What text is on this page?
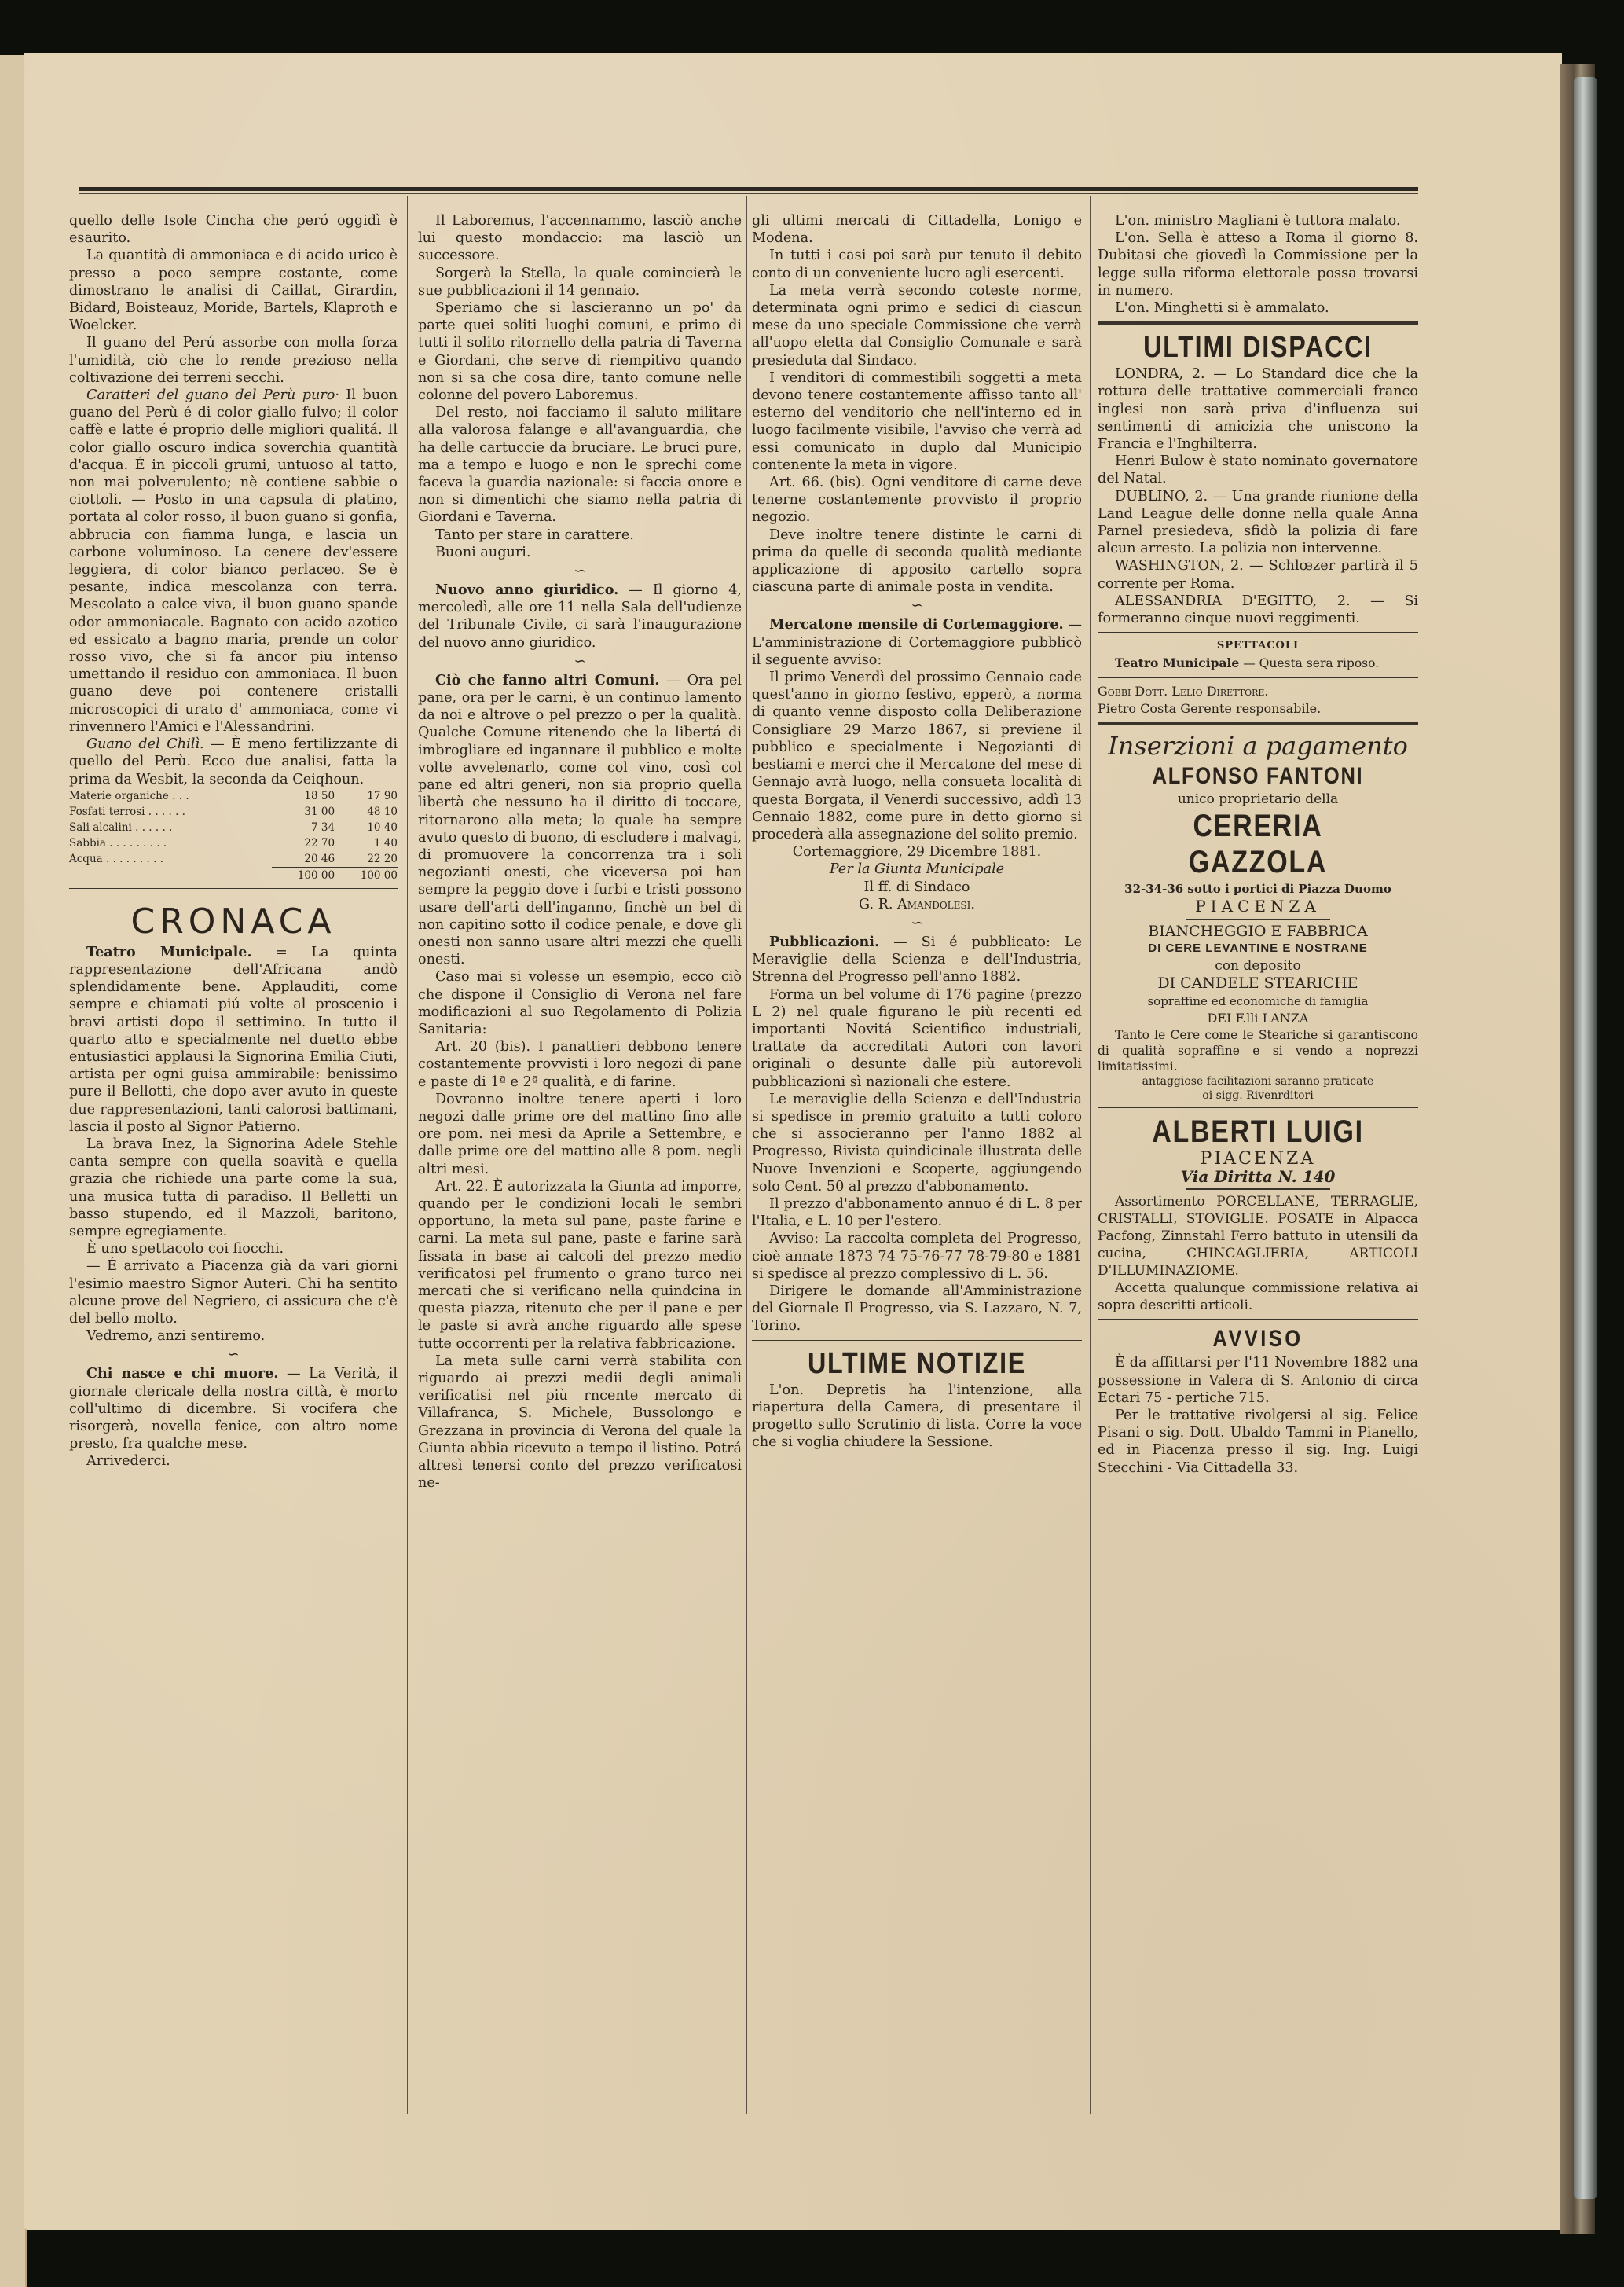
quello delle Isole Cincha che peró oggidì è esaurito.

La quantità di ammoniaca e di acido urico è presso a poco sempre costante, come dimostrano le analisi di Caillat, Girardin, Bidard, Boisteauz, Moride, Bartels, Klaproth e Woelcker.

Il guano del Perú assorbe con molla forza l'umidità, ciò che lo rende prezioso nella coltivazione dei terreni secchi.

Caratteri del guano del Perù puro· Il buon guano del Perù é di color giallo fulvo; il color caffè e latte é proprio delle migliori qualitá. Il color giallo oscuro indica soverchia quantità d'acqua. É in piccoli grumi, untuoso al tatto, non mai polverulento; nè contiene sabbie o ciottoli. — Posto in una capsula di platino, portata al color rosso, il buon guano si gonfia, abbrucia con fiamma lunga, e lascia un carbone voluminoso. La cenere dev'essere leggiera, di color bianco perlaceo. Se è pesante, indica mescolanza con terra. Mescolato a calce viva, il buon guano spande odor ammoniacale. Bagnato con acido azotico ed essicato a bagno maria, prende un color rosso vivo, che si fa ancor piu intenso umettando il residuo con ammoniaca. Il buon guano deve poi contenere cristalli microscopici di urato d' ammoniaca, come vi rinvennero l'Amici e l'Alessandrini.

Guano del Chilì. — È meno fertilizzante di quello del Perù. Ecco due analisi, fatta la prima da Wesbit, la seconda da Ceiqhoun.

Materie organiche . . .	18 50	17 90
Fosfati terrosi . . . . . .	31 00	48 10
Sali alcalini . . . . . .	7 34	10 40
Sabbia . . . . . . . . .	22 70	1 40
Acqua . . . . . . . . .	20 46	22 20
	100 00	100 00
CRONACA

Teatro Municipale. = La quinta rappresentazione dell'Africana andò splendidamente bene. Applauditi, come sempre e chiamati piú volte al proscenio i bravi artisti dopo il settimino. In tutto il quarto atto e specialmente nel duetto ebbe entusiastici applausi la Signorina Emilia Ciuti, artista per ogni guisa ammirabile: benissimo pure il Bellotti, che dopo aver avuto in queste due rappresentazioni, tanti calorosi battimani, lascia il posto al Signor Patierno.

La brava Inez, la Signorina Adele Stehle canta sempre con quella soavità e quella grazia che richiede una parte come la sua, una musica tutta di paradiso. Il Belletti un basso stupendo, ed il Mazzoli, baritono, sempre egregiamente.

È uno spettacolo coi fiocchi.

— É arrivato a Piacenza già da vari giorni l'esimio maestro Signor Auteri. Chi ha sentito alcune prove del Negriero, ci assicura che c'è del bello molto.

Vedremo, anzi sentiremo.

∽

Chi nasce e chi muore. — La Verità, il giornale clericale della nostra città, è morto coll'ultimo di dicembre. Si vocifera che risorgerà, novella fenice, con altro nome presto, fra qualche mese.

Arrivederci.

Il Laboremus, l'accennammo, lasciò anche lui questo mondaccio: ma lasciò un successore.

Sorgerà la Stella, la quale comincierà le sue pubblicazioni il 14 gennaio.

Speriamo che si lascieranno un po' da parte quei soliti luoghi comuni, e primo di tutti il solito ritornello della patria di Taverna e Giordani, che serve di riempitivo quando non si sa che cosa dire, tanto comune nelle colonne del povero Laboremus.

Del resto, noi facciamo il saluto militare alla valorosa falange e all'avanguardia, che ha delle cartuccie da bruciare. Le bruci pure, ma a tempo e luogo e non le sprechi come faceva la guardia nazionale: si faccia onore e non si dimentichi che siamo nella patria di Giordani e Taverna.

Tanto per stare in carattere.

Buoni auguri.

∽

Nuovo anno giuridico. — Il giorno 4, mercoledì, alle ore 11 nella Sala dell'udienze del Tribunale Civile, ci sarà l'inaugurazione del nuovo anno giuridico.

∽

Ciò che fanno altri Comuni. — Ora pel pane, ora per le carni, è un continuo lamento da noi e altrove o pel prezzo o per la qualità. Qualche Comune ritenendo che la libertá di imbrogliare ed ingannare il pubblico e molte volte avvelenarlo, come col vino, così col pane ed altri generi, non sia proprio quella libertà che nessuno ha il diritto di toccare, ritornarono alla meta; la quale ha sempre avuto questo di buono, di escludere i malvagi, di promuovere la concorrenza tra i soli negozianti onesti, che viceversa poi han sempre la peggio dove i furbi e tristi possono usare dell'arti dell'inganno, finchè un bel dì non capitino sotto il codice penale, e dove gli onesti non sanno usare altri mezzi che quelli onesti.

Caso mai si volesse un esempio, ecco ciò che dispone il Consiglio di Verona nel fare modificazioni al suo Regolamento di Polizia Sanitaria:

Art. 20 (bis). I panattieri debbono tenere costantemente provvisti i loro negozi di pane e paste di 1ª e 2ª qualità, e di farine.

Dovranno inoltre tenere aperti i loro negozi dalle prime ore del mattino fino alle ore pom. nei mesi da Aprile a Settembre, e dalle prime ore del mattino alle 8 pom. negli altri mesi.

Art. 22. È autorizzata la Giunta ad imporre, quando per le condizioni locali le sembri opportuno, la meta sul pane, paste farine e carni. La meta sul pane, paste e farine sarà fissata in base ai calcoli del prezzo medio verificatosi pel frumento o grano turco nei mercati che si verificano nella quindcina in questa piazza, ritenuto che per il pane e per le paste si avrà anche riguardo alle spese tutte occorrenti per la relativa fabbricazione.

La meta sulle carni verrà stabilita con riguardo ai prezzi medii degli animali verificatisi nel più rncente mercato di Villafranca, S. Michele, Bussolongo e Grezzana in provincia di Verona del quale la Giunta abbia ricevuto a tempo il listino. Potrá altresì tenersi conto del prezzo verificatosi ne-

gli ultimi mercati di Cittadella, Lonigo e Modena.

In tutti i casi poi sarà pur tenuto il debito conto di un conveniente lucro agli esercenti.

La meta verrà secondo coteste norme, determinata ogni primo e sedici di ciascun mese da uno speciale Commissione che verrà all'uopo eletta dal Consiglio Comunale e sarà presieduta dal Sindaco.

I venditori di commestibili soggetti a meta devono tenere costantemente affisso tanto all' esterno del venditorio che nell'interno ed in luogo facilmente visibile, l'avviso che verrà ad essi comunicato in duplo dal Municipio contenente la meta in vigore.

Art. 66. (bis). Ogni venditore di carne deve tenerne costantemente provvisto il proprio negozio.

Deve inoltre tenere distinte le carni di prima da quelle di seconda qualità mediante applicazione di apposito cartello sopra ciascuna parte di animale posta in vendita.

∽

Mercatone mensile di Cortemaggiore. — L'amministrazione di Cortemaggiore pubblicò il seguente avviso:

Il primo Venerdì del prossimo Gennaio cade quest'anno in giorno festivo, epperò, a norma di quanto venne disposto colla Deliberazione Consigliare 29 Marzo 1867, si previene il pubblico e specialmente i Negozianti di bestiami e merci che il Mercatone del mese di Gennajo avrà luogo, nella consueta località di questa Borgata, il Venerdi successivo, addì 13 Gennaio 1882, come pure in detto giorno si procederà alla assegnazione del solito premio.

Cortemaggiore, 29 Dicembre 1881.

Per la Giunta Municipale

Il ff. di Sindaco

G. R. Amandolesi.

∽

Pubblicazioni. — Si é pubblicato: Le Meraviglie della Scienza e dell'Industria, Strenna del Progresso pell'anno 1882.

Forma un bel volume di 176 pagine (prezzo L 2) nel quale figurano le più recenti ed importanti Novitá Scientifico industriali, trattate da accreditati Autori con lavori originali o desunte dalle più autorevoli pubblicazioni sì nazionali che estere.

Le meraviglie della Scienza e dell'Industria si spedisce in premio gratuito a tutti coloro che si associeranno per l'anno 1882 al Progresso, Rivista quindicinale illustrata delle Nuove Invenzioni e Scoperte, aggiungendo solo Cent. 50 al prezzo d'abbonamento.

Il prezzo d'abbonamento annuo é di L. 8 per l'Italia, e L. 10 per l'estero.

Avviso: La raccolta completa del Progresso, cioè annate 1873 74 75-76-77 78-79-80 e 1881 si spedisce al prezzo complessivo di L. 56.

Dirigere le domande all'Amministrazione del Giornale Il Progresso, via S. Lazzaro, N. 7, Torino.

ULTIME NOTIZIE

L'on. Depretis ha l'intenzione, alla riapertura della Camera, di presentare il progetto sullo Scrutinio di lista. Corre la voce che si voglia chiudere la Sessione.

L'on. ministro Magliani è tuttora malato.

L'on. Sella è atteso a Roma il giorno 8. Dubitasi che giovedì la Commissione per la legge sulla riforma elettorale possa trovarsi in numero.

L'on. Minghetti si è ammalato.

ULTIMI DISPACCI

LONDRA, 2. — Lo Standard dice che la rottura delle trattative commerciali franco inglesi non sarà priva d'influenza sui sentimenti di amicizia che uniscono la Francia e l'Inghilterra.

Henri Bulow è stato nominato governatore del Natal.

DUBLINO, 2. — Una grande riunione della Land League delle donne nella quale Anna Parnel presiedeva, sfidò la polizia di fare alcun arresto. La polizia non intervenne.

WASHINGTON, 2. — Schlœzer partirà il 5 corrente per Roma.

ALESSANDRIA D'EGITTO, 2. — Si formeranno cinque nuovi reggimenti.

SPETTACOLI

Teatro Municipale — Questa sera riposo.

Gobbi Dott. Lelio Direttore.

Pietro Costa Gerente responsabile.

Inserzioni a pagamento
ALFONSO FANTONI
unico proprietario della
CERERIA GAZZOLA
32-34-36 sotto i portici di Piazza Duomo
PIACENZA
BIANCHEGGIO E FABBRICA
DI CERE LEVANTINE E NOSTRANE
con deposito
DI CANDELE STEARICHE
sopraffine ed economiche di famiglia
DEI F.lli LANZA

Tanto le Cere come le Steariche si garantiscono di qualità sopraffine e si vendo a noprezzi limitatissimi.

antaggiose facilitazioni saranno praticate
oi sigg. Rivenrditori
ALBERTI LUIGI
PIACENZA
Via Diritta N. 140

Assortimento PORCELLANE, TERRAGLIE, CRISTALLI, STOVIGLIE. POSATE in Alpacca Pacfong, Zinnstahl Ferro battuto in utensili da cucina, CHINCAGLIERIA, ARTICOLI D'ILLUMINAZIOME.

Accetta qualunque commissione relativa ai sopra descritti articoli.

AVVISO

È da affittarsi per l'11 Novembre 1882 una possessione in Valera di S. Antonio di circa Ectari 75 - pertiche 715.

Per le trattative rivolgersi al sig. Felice Pisani o sig. Dott. Ubaldo Tammi in Pianello, ed in Piacenza presso il sig. Ing. Luigi Stecchini - Via Cittadella 33.
